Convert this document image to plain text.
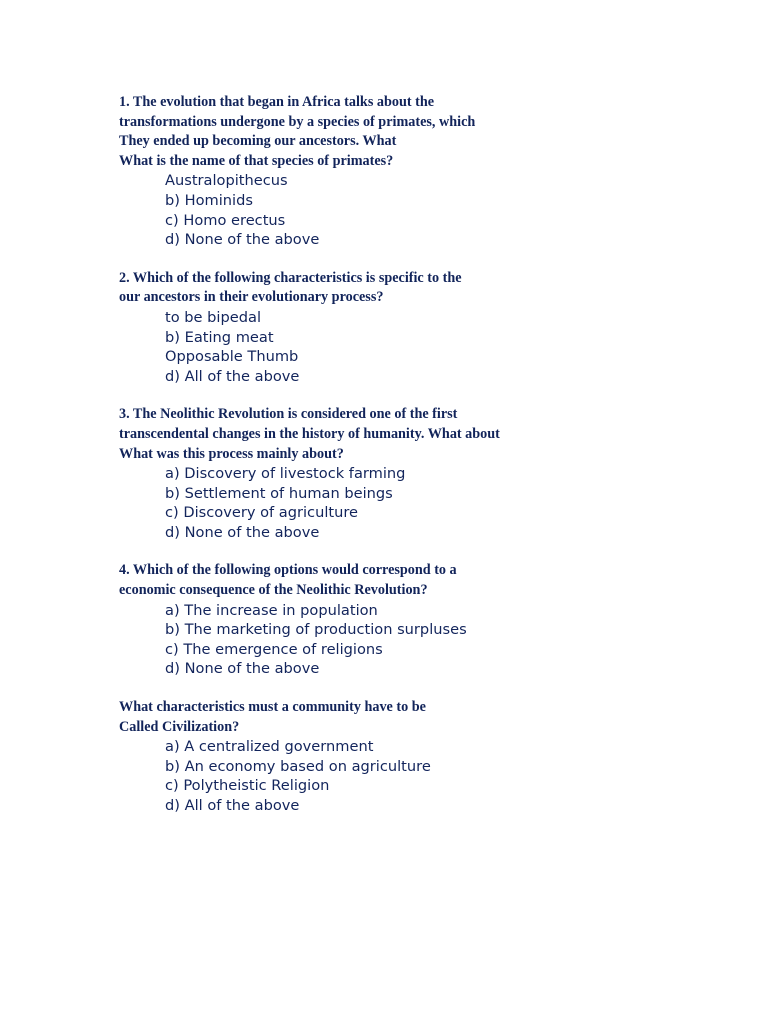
1. The evolution that began in Africa talks about the

transformations undergone by a species of primates, which

They ended up becoming our ancestors. What

What is the name of that species of primates?

Australopithecus
b) Hominids
c) Homo erectus
d) None of the above

2. Which of the following characteristics is specific to the

our ancestors in their evolutionary process?

to be bipedal
b) Eating meat
Opposable Thumb
d) All of the above

3. The Neolithic Revolution is considered one of the first

transcendental changes in the history of humanity. What about

What was this process mainly about?

a) Discovery of livestock farming
b) Settlement of human beings
c) Discovery of agriculture
d) None of the above

4. Which of the following options would correspond to a

economic consequence of the Neolithic Revolution?

a) The increase in population
b) The marketing of production surpluses
c) The emergence of religions
d) None of the above

What characteristics must a community have to be

Called Civilization?

a) A centralized government
b) An economy based on agriculture
c) Polytheistic Religion
d) All of the above
